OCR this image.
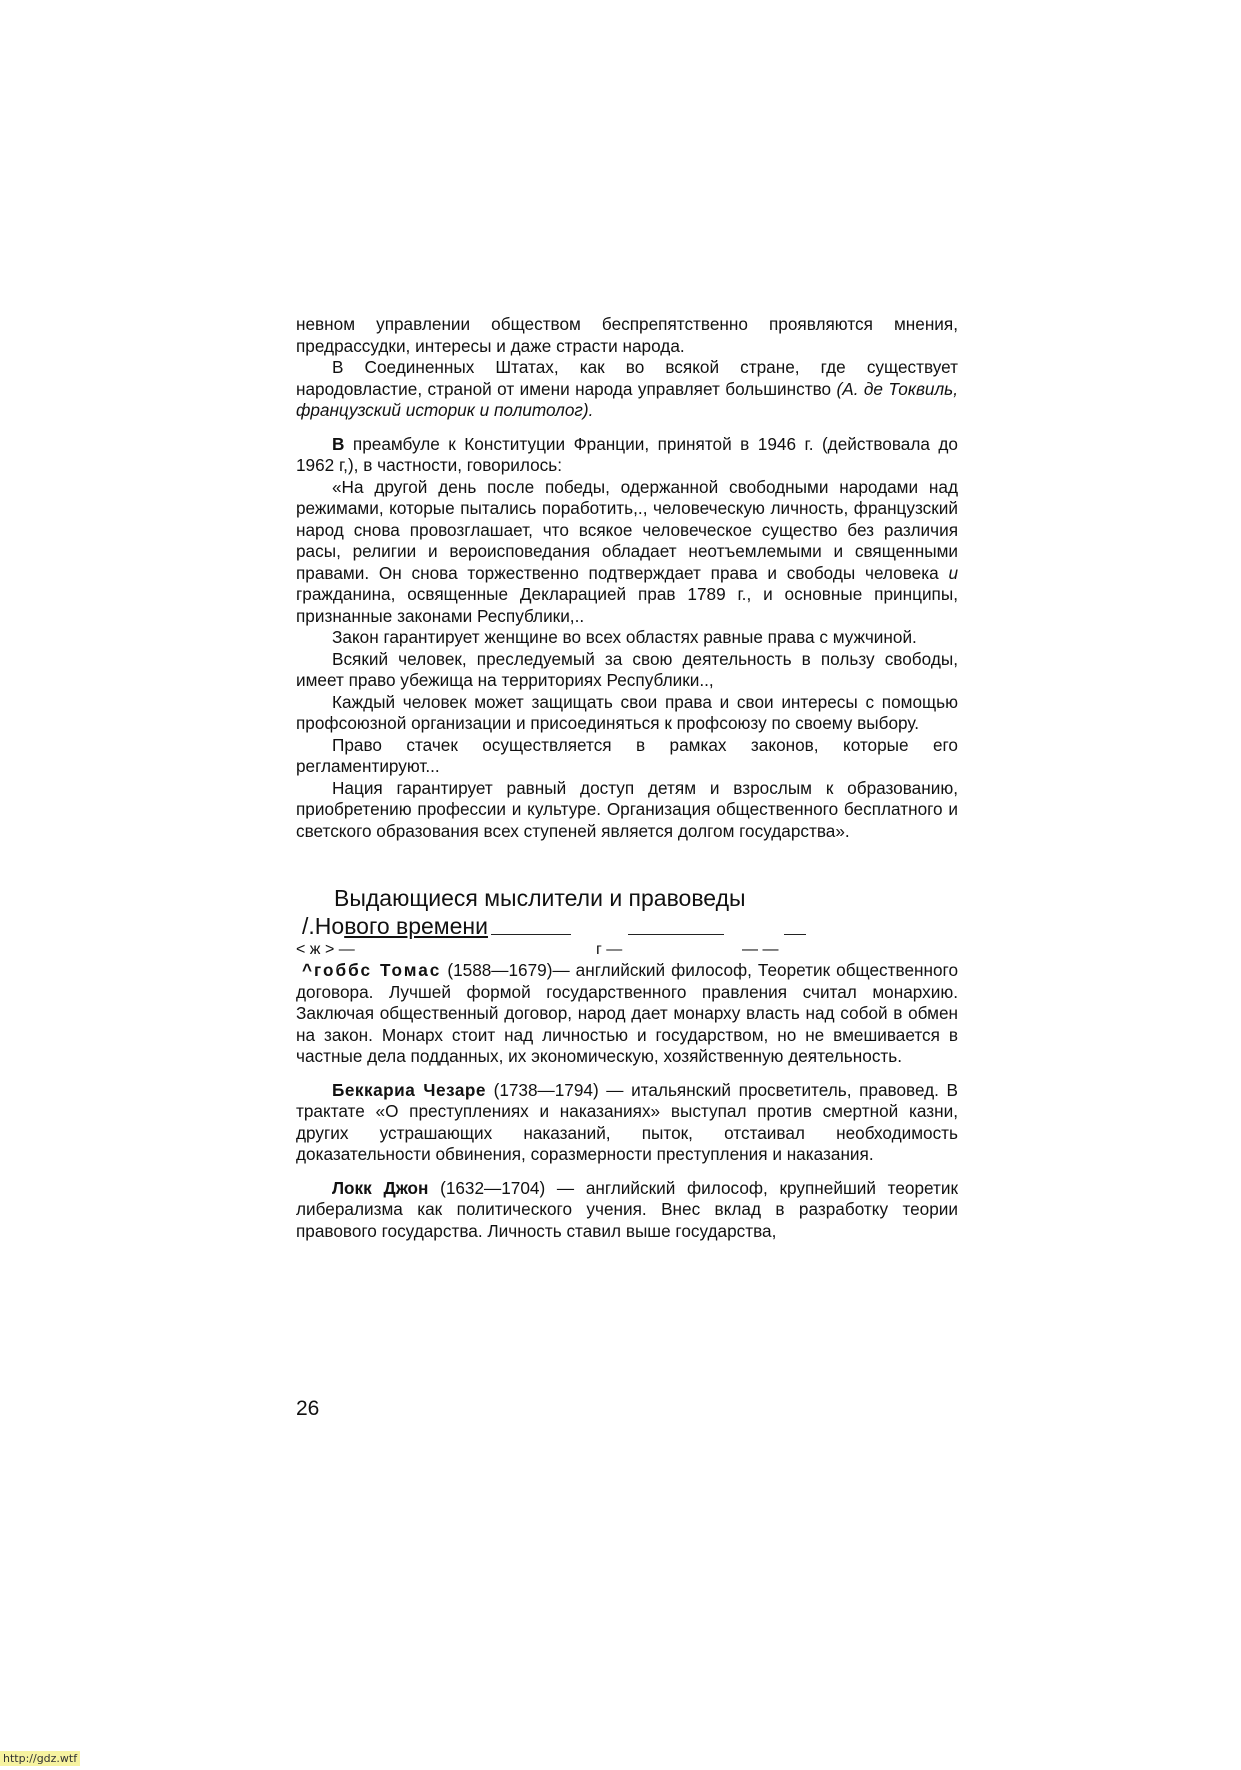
невном управлении обществом беспрепятственно проявляются мнения, предрассудки, интересы и даже страсти народа.

В Соединенных Штатах, как во всякой стране, где существует народовластие, страной от имени народа управляет большинство (А. де Токвиль, французский историк и политолог).

В преамбуле к Конституции Франции, принятой в 1946 г. (действовала до 1962 г,), в частности, говорилось:

«На другой день после победы, одержанной свободными народами над режимами, которые пытались поработить,., человеческую личность, французский народ снова провозглашает, что всякое человеческое существо без различия расы, религии и вероисповедания обладает неотъемлемыми и священными правами. Он снова торжественно подтверждает права и свободы человека и гражданина, освященные Декларацией прав 1789 г., и основные принципы, признанные законами Республики,..

Закон гарантирует женщине во всех областях равные права с мужчиной.

Всякий человек, преследуемый за свою деятельность в пользу свободы, имеет право убежища на территориях Республики..,

Каждый человек может защищать свои права и свои интересы с помощью профсоюзной организации и присоединяться к профсоюзу по своему выбору.

Право стачек осуществляется в рамках законов, которые его регламентируют...

Нация гарантирует равный доступ детям и взрослым к образованию, приобретению профессии и культуре. Организация общественного бесплатного и светского образования всех ступеней является долгом государства».

Выдающиеся мыслители и правоведы
/.Нового времени
< ж > —	г —	— —

^гоббс Томас (1588—1679)— английский философ, Теоретик общественного договора. Лучшей формой государственного правления считал монархию. Заключая общественный договор, народ дает монарху власть над собой в обмен на закон. Монарх стоит над личностью и государством, но не вмешивается в частные дела подданных, их экономическую, хозяйственную деятельность.

Беккариа Чезаре (1738—1794) — итальянский просветитель, правовед. В трактате «О преступлениях и наказаниях» выступал против смертной казни, других устрашающих наказаний, пыток, отстаивал необходимость доказательности обвинения, соразмерности преступления и наказания.

Локк Джон (1632—1704) — английский философ, крупнейший теоретик либерализма как политического учения. Внес вклад в разработку теории правового государства. Личность ставил выше государства,

26
http://gdz.wtf
